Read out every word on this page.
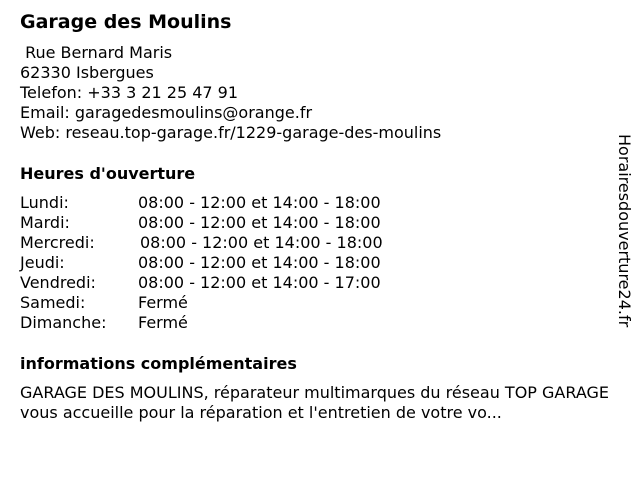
Garage des Moulins
Rue Bernard Maris
62330 Isbergues
Telefon: +33 3 21 25 47 91
Email: garagedesmoulins@orange.fr
Web: reseau.top-garage.fr/1229-garage-des-moulins
Heures d'ouverture
Lundi:	08:00 - 12:00 et 14:00 - 18:00
Mardi:	08:00 - 12:00 et 14:00 - 18:00
Mercredi:	08:00 - 12:00 et 14:00 - 18:00
Jeudi:	08:00 - 12:00 et 14:00 - 18:00
Vendredi:	08:00 - 12:00 et 14:00 - 17:00
Samedi:	Fermé
Dimanche: Fermé
informations complémentaires
GARAGE DES MOULINS, réparateur multimarques du réseau TOP GARAGE vous accueille pour la réparation et l'entretien de votre vo...
Horairesdouverture24.fr
